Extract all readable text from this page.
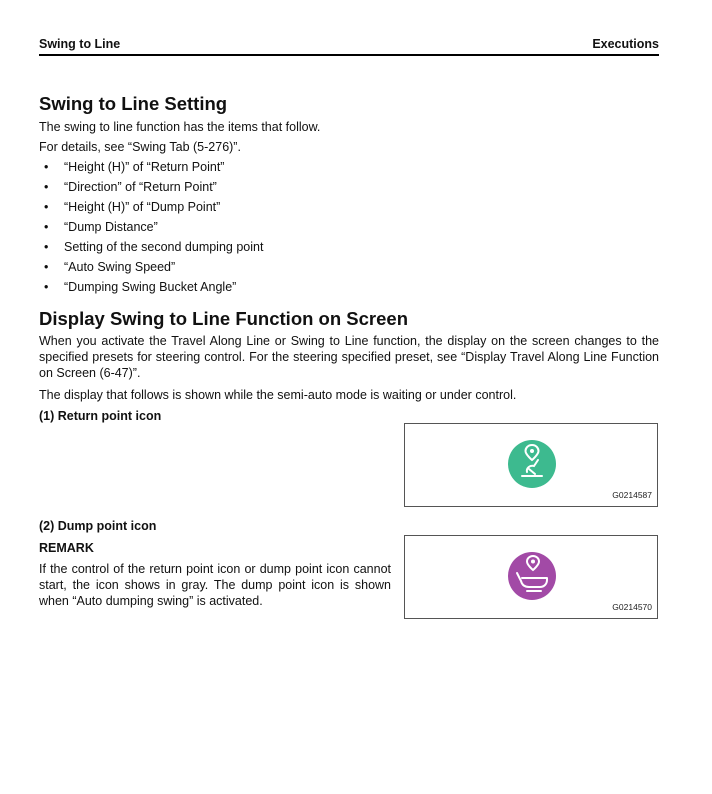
Swing to Line	Executions
Swing to Line Setting

The swing to line function has the items that follow.

For details, see “Swing Tab (5-276)”.

• “Height (H)” of “Return Point”
• “Direction” of “Return Point”
• “Height (H)” of “Dump Point”
• “Dump Distance”
• Setting of the second dumping point
• “Auto Swing Speed”
• “Dumping Swing Bucket Angle”
Display Swing to Line Function on Screen

When you activate the Travel Along Line or Swing to Line function, the display on the screen changes to the specified presets for steering control. For the steering specified preset, see “Display Travel Along Line Function on Screen (6-47)”.

The display that follows is shown while the semi-auto mode is waiting or under control.

(1) Return point icon
G0214587
(2) Dump point icon
REMARK

If the control of the return point icon or dump point icon cannot start, the icon shows in gray. The dump point icon is shown when “Auto dumping swing” is activated.	G0214570
